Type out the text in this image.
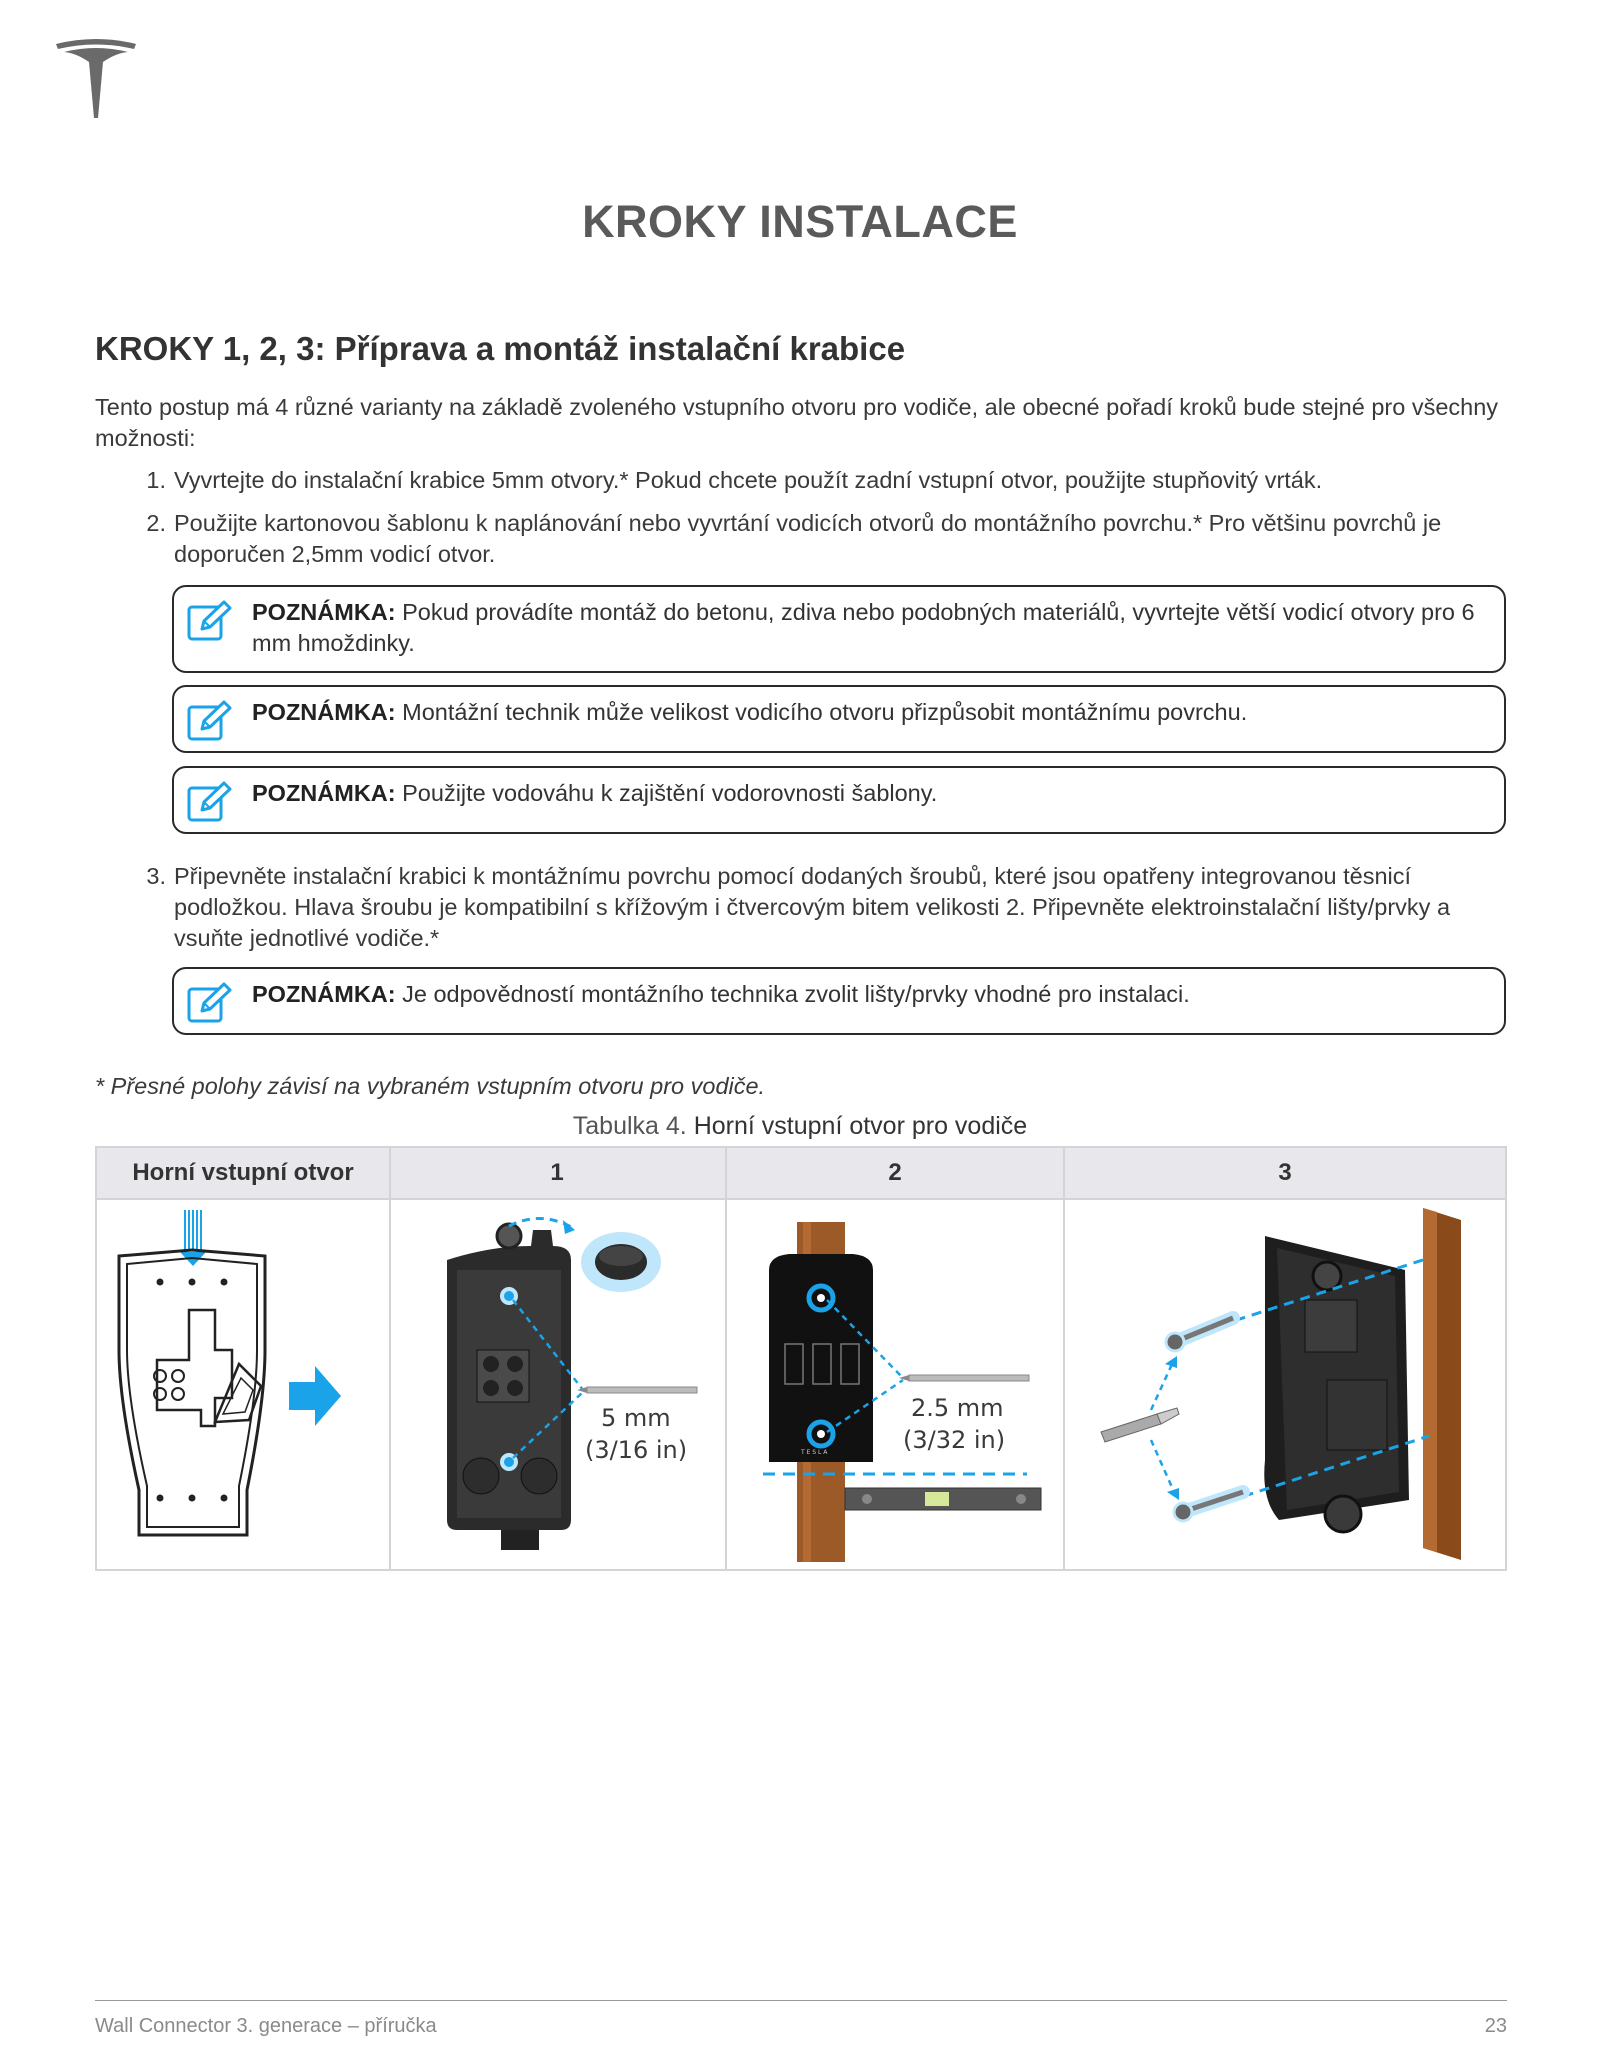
KROKY INSTALACE
KROKY 1, 2, 3: Příprava a montáž instalační krabice
Tento postup má 4 různé varianty na základě zvoleného vstupního otvoru pro vodiče, ale obecné pořadí kroků bude stejné pro všechny možnosti:
1. Vyvrtejte do instalační krabice 5mm otvory.* Pokud chcete použít zadní vstupní otvor, použijte stupňovitý vrták.
2. Použijte kartonovou šablonu k naplánování nebo vyvrtání vodicích otvorů do montážního povrchu.* Pro většinu povrchů je doporučen 2,5mm vodicí otvor.
POZNÁMKA: Pokud provádíte montáž do betonu, zdiva nebo podobných materiálů, vyvrtejte větší vodicí otvory pro 6 mm hmoždinky.
POZNÁMKA: Montážní technik může velikost vodicího otvoru přizpůsobit montážnímu povrchu.
POZNÁMKA: Použijte vodováhu k zajištění vodorovnosti šablony.
3. Připevněte instalační krabici k montážnímu povrchu pomocí dodaných šroubů, které jsou opatřeny integrovanou těsnicí podložkou. Hlava šroubu je kompatibilní s křížovým i čtvercovým bitem velikosti 2. Připevněte elektroinstalační lišty/prvky a vsuňte jednotlivé vodiče.*
POZNÁMKA: Je odpovědností montážního technika zvolit lišty/prvky vhodné pro instalaci.
* Přesné polohy závisí na vybraném vstupním otvoru pro vodiče.
Tabulka 4. Horní vstupní otvor pro vodiče
Horní vstupní otvor	1	2	3
5 mm
(3/16 in)	T E S L A
2.5 mm
(3/32 in)
Wall Connector 3. generace – příručka	23
